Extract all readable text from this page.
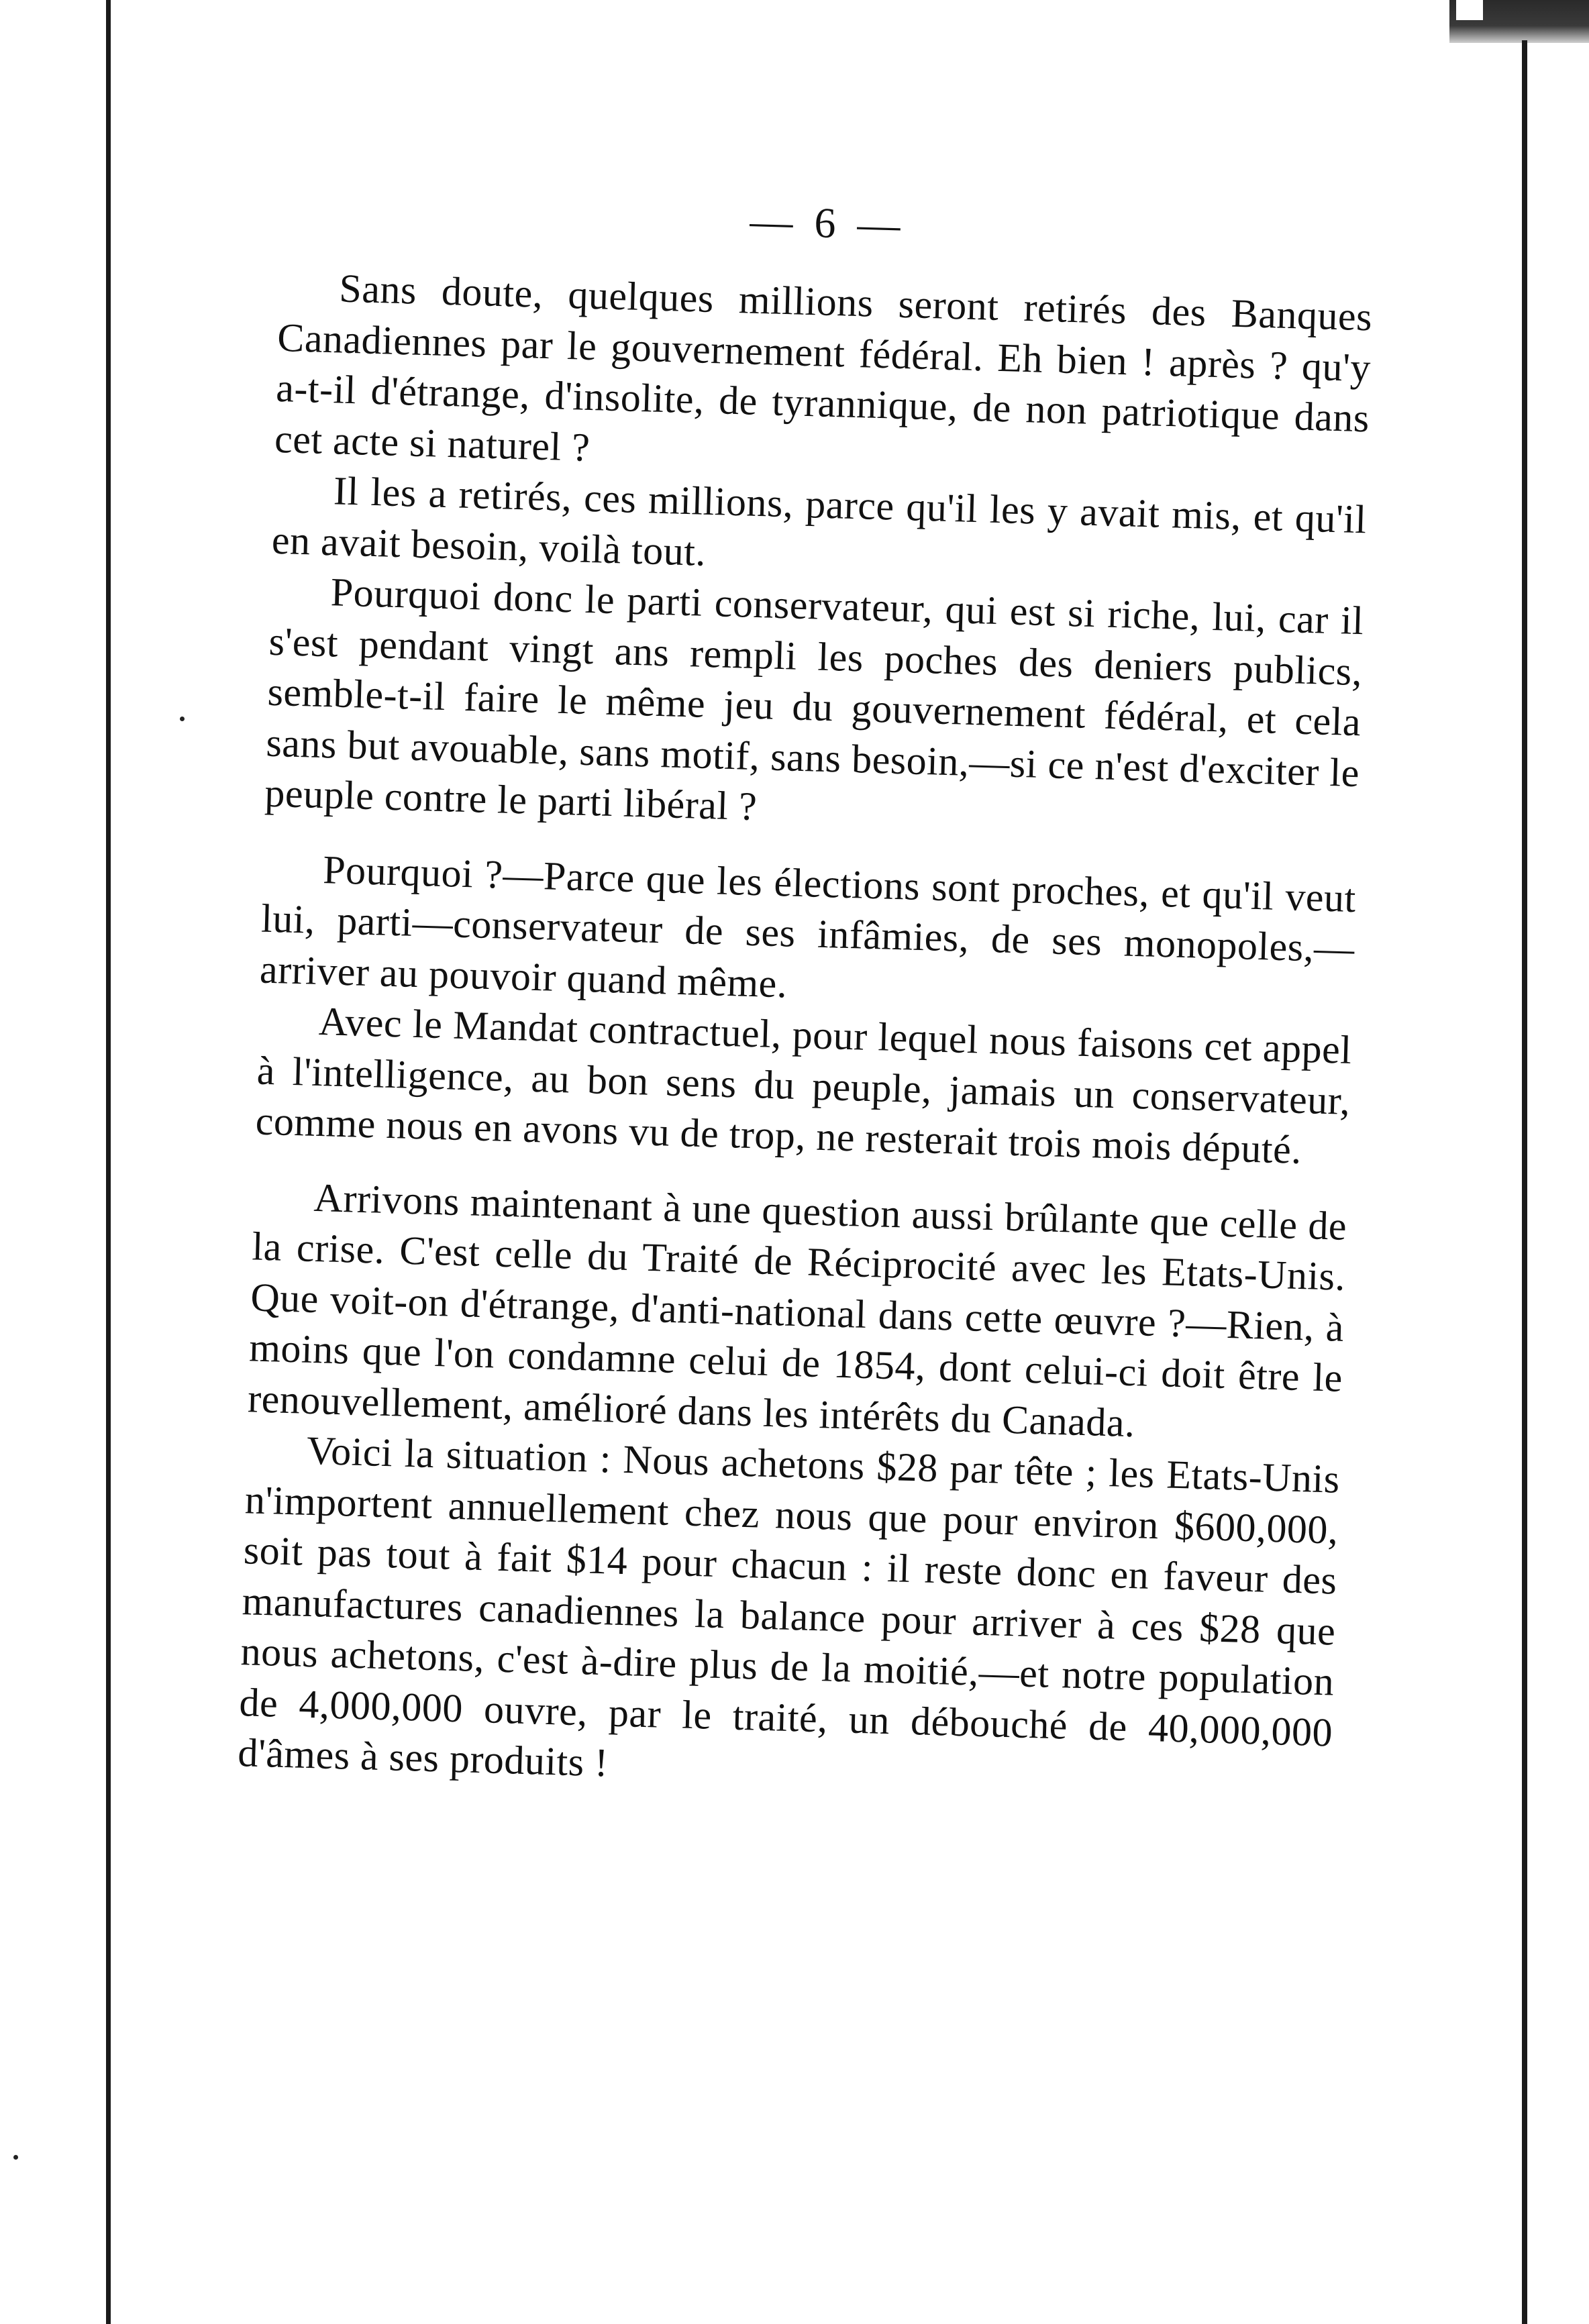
— 6 —

Sans doute, quelques millions seront retirés des Banques Canadiennes par le gouvernement fédéral. Eh bien ! après ? qu'y a-t-il d'étrange, d'insolite, de tyrannique, de non patriotique dans cet acte si naturel ?

Il les a retirés, ces millions, parce qu'il les y avait mis, et qu'il en avait besoin, voilà tout.

Pourquoi donc le parti conservateur, qui est si riche, lui, car il s'est pendant vingt ans rempli les poches des deniers publics, semble-t-il faire le même jeu du gouvernement fédéral, et cela sans but avouable, sans motif, sans besoin,—si ce n'est d'exciter le peuple contre le parti libéral ?

Pourquoi ?—Parce que les élections sont proches, et qu'il veut lui, parti—conservateur de ses infâmies, de ses monopoles,—arriver au pouvoir quand même.

Avec le Mandat contractuel, pour lequel nous faisons cet appel à l'intelligence, au bon sens du peuple, jamais un conservateur, comme nous en avons vu de trop, ne resterait trois mois député.

Arrivons maintenant à une question aussi brûlante que celle de la crise. C'est celle du Traité de Réciprocité avec les Etats-Unis. Que voit-on d'étrange, d'anti-national dans cette œuvre ?—Rien, à moins que l'on condamne celui de 1854, dont celui-ci doit être le renouvellement, amélioré dans les intérêts du Canada.

Voici la situation : Nous achetons $28 par tête ; les Etats-Unis n'importent annuellement chez nous que pour environ $600,000, soit pas tout à fait $14 pour chacun : il reste donc en faveur des manufactures canadiennes la balance pour arriver à ces $28 que nous achetons, c'est à-dire plus de la moitié,—et notre population de 4,000,000 ouvre, par le traité, un débouché de 40,000,000 d'âmes à ses produits !
